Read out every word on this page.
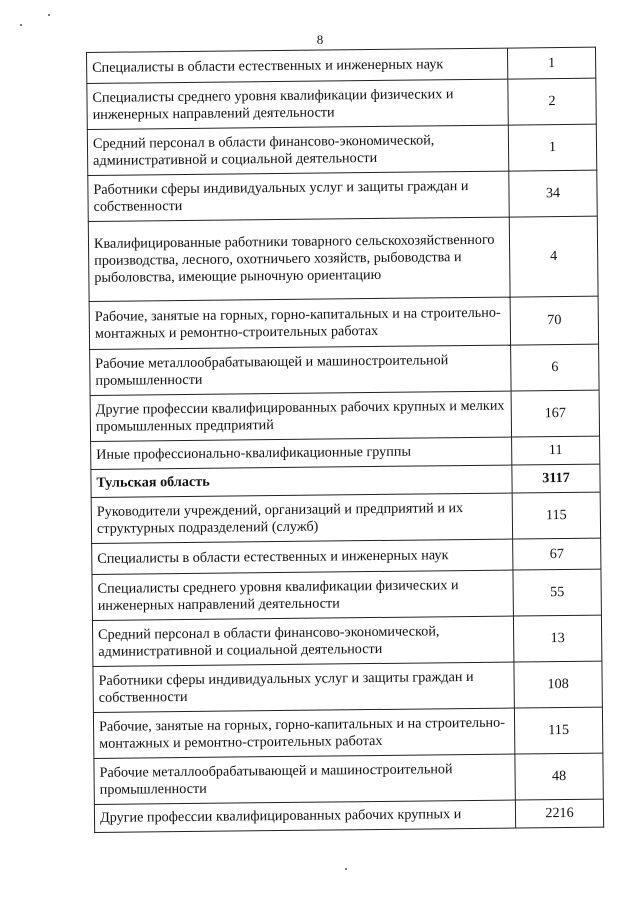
8
Специалисты в области естественных и инженерных наук	1
Специалисты среднего уровня квалификации физических и инженерных направлений деятельности	2
Средний персонал в области финансово-экономической, административной и социальной деятельности	1
Работники сферы индивидуальных услуг и защиты граждан и собственности	34
Квалифицированные работники товарного сельскохозяйственного производства, лесного, охотничьего хозяйств, рыбоводства и рыболовства, имеющие рыночную ориентацию	4
Рабочие, занятые на горных, горно-капитальных и на строительно-монтажных и ремонтно-строительных работах	70
Рабочие металлообрабатывающей и машиностроительной промышленности	6
Другие профессии квалифицированных рабочих крупных и мелких промышленных предприятий	167
Иные профессионально-квалификационные группы	11
Тульская область	3117
Руководители учреждений, организаций и предприятий и их структурных подразделений (служб)	115
Специалисты в области естественных и инженерных наук	67
Специалисты среднего уровня квалификации физических и инженерных направлений деятельности	55
Средний персонал в области финансово-экономической, административной и социальной деятельности	13
Работники сферы индивидуальных услуг и защиты граждан и собственности	108
Рабочие, занятые на горных, горно-капитальных и на строительно-монтажных и ремонтно-строительных работах	115
Рабочие металлообрабатывающей и машиностроительной промышленности	48
Другие профессии квалифицированных рабочих крупных и	2216
